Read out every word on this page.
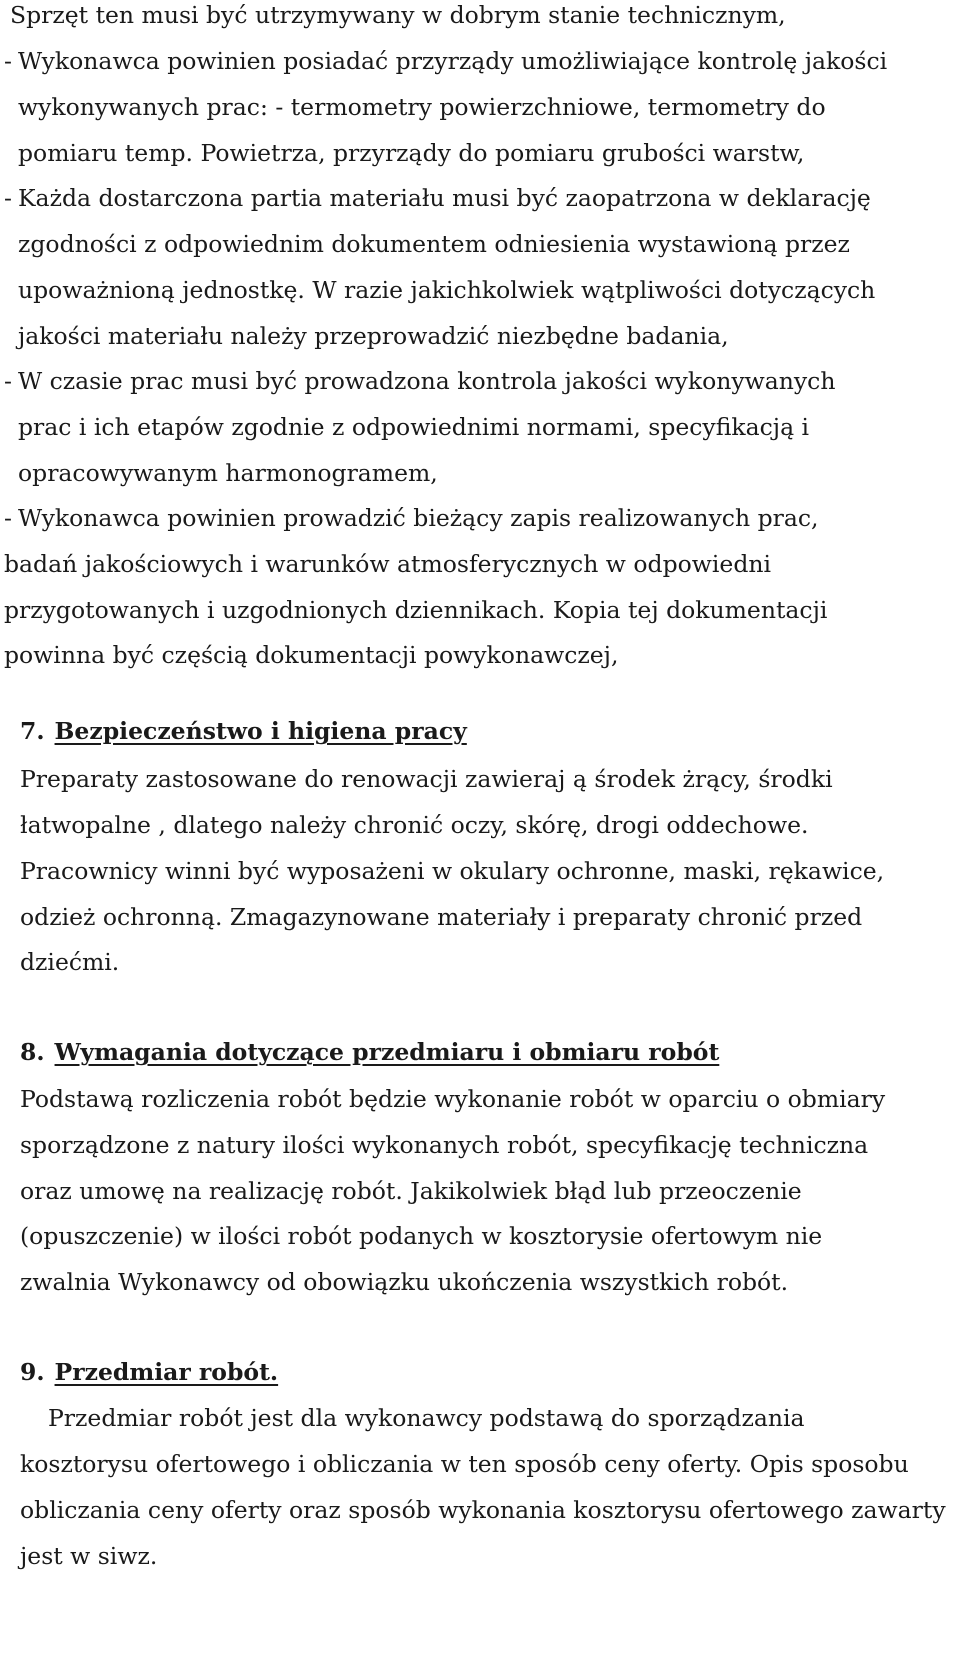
Sprzęt ten musi być utrzymywany w dobrym stanie technicznym,
- Wykonawca powinien posiadać przyrządy umożliwiające kontrolę jakości
wykonywanych prac: - termometry powierzchniowe, termometry do
pomiaru temp. Powietrza, przyrządy do pomiaru grubości warstw,
- Każda dostarczona partia materiału musi być zaopatrzona w deklarację
zgodności z odpowiednim dokumentem odniesienia wystawioną przez
upoważnioną jednostkę. W razie jakichkolwiek wątpliwości dotyczących
jakości materiału należy przeprowadzić niezbędne badania,
- W czasie prac musi być prowadzona kontrola jakości wykonywanych
prac i ich etapów zgodnie z odpowiednimi normami, specyfikacją i
opracowywanym harmonogramem,
- Wykonawca powinien prowadzić bieżący zapis realizowanych prac,
badań jakościowych i warunków atmosferycznych w odpowiedni
przygotowanych i uzgodnionych dziennikach. Kopia tej dokumentacji
powinna być częścią dokumentacji powykonawczej,
7. Bezpieczeństwo i higiena pracy
Preparaty zastosowane do renowacji zawieraj ą środek żrący, środki
łatwopalne , dlatego należy chronić oczy, skórę, drogi oddechowe.
Pracownicy winni być wyposażeni w okulary ochronne, maski, rękawice,
odzież ochronną. Zmagazynowane materiały i preparaty chronić przed
dziećmi.
8. Wymagania dotyczące przedmiaru i obmiaru robót
Podstawą rozliczenia robót będzie wykonanie robót w oparciu o obmiary
sporządzone z natury ilości wykonanych robót, specyfikację techniczna
oraz umowę na realizację robót. Jakikolwiek błąd lub przeoczenie
(opuszczenie) w ilości robót podanych w kosztorysie ofertowym nie
zwalnia Wykonawcy od obowiązku ukończenia wszystkich robót.
9. Przedmiar robót.
Przedmiar robót jest dla wykonawcy podstawą do sporządzania
kosztorysu ofertowego i obliczania w ten sposób ceny oferty. Opis sposobu
obliczania ceny oferty oraz sposób wykonania kosztorysu ofertowego zawarty
jest w siwz.
